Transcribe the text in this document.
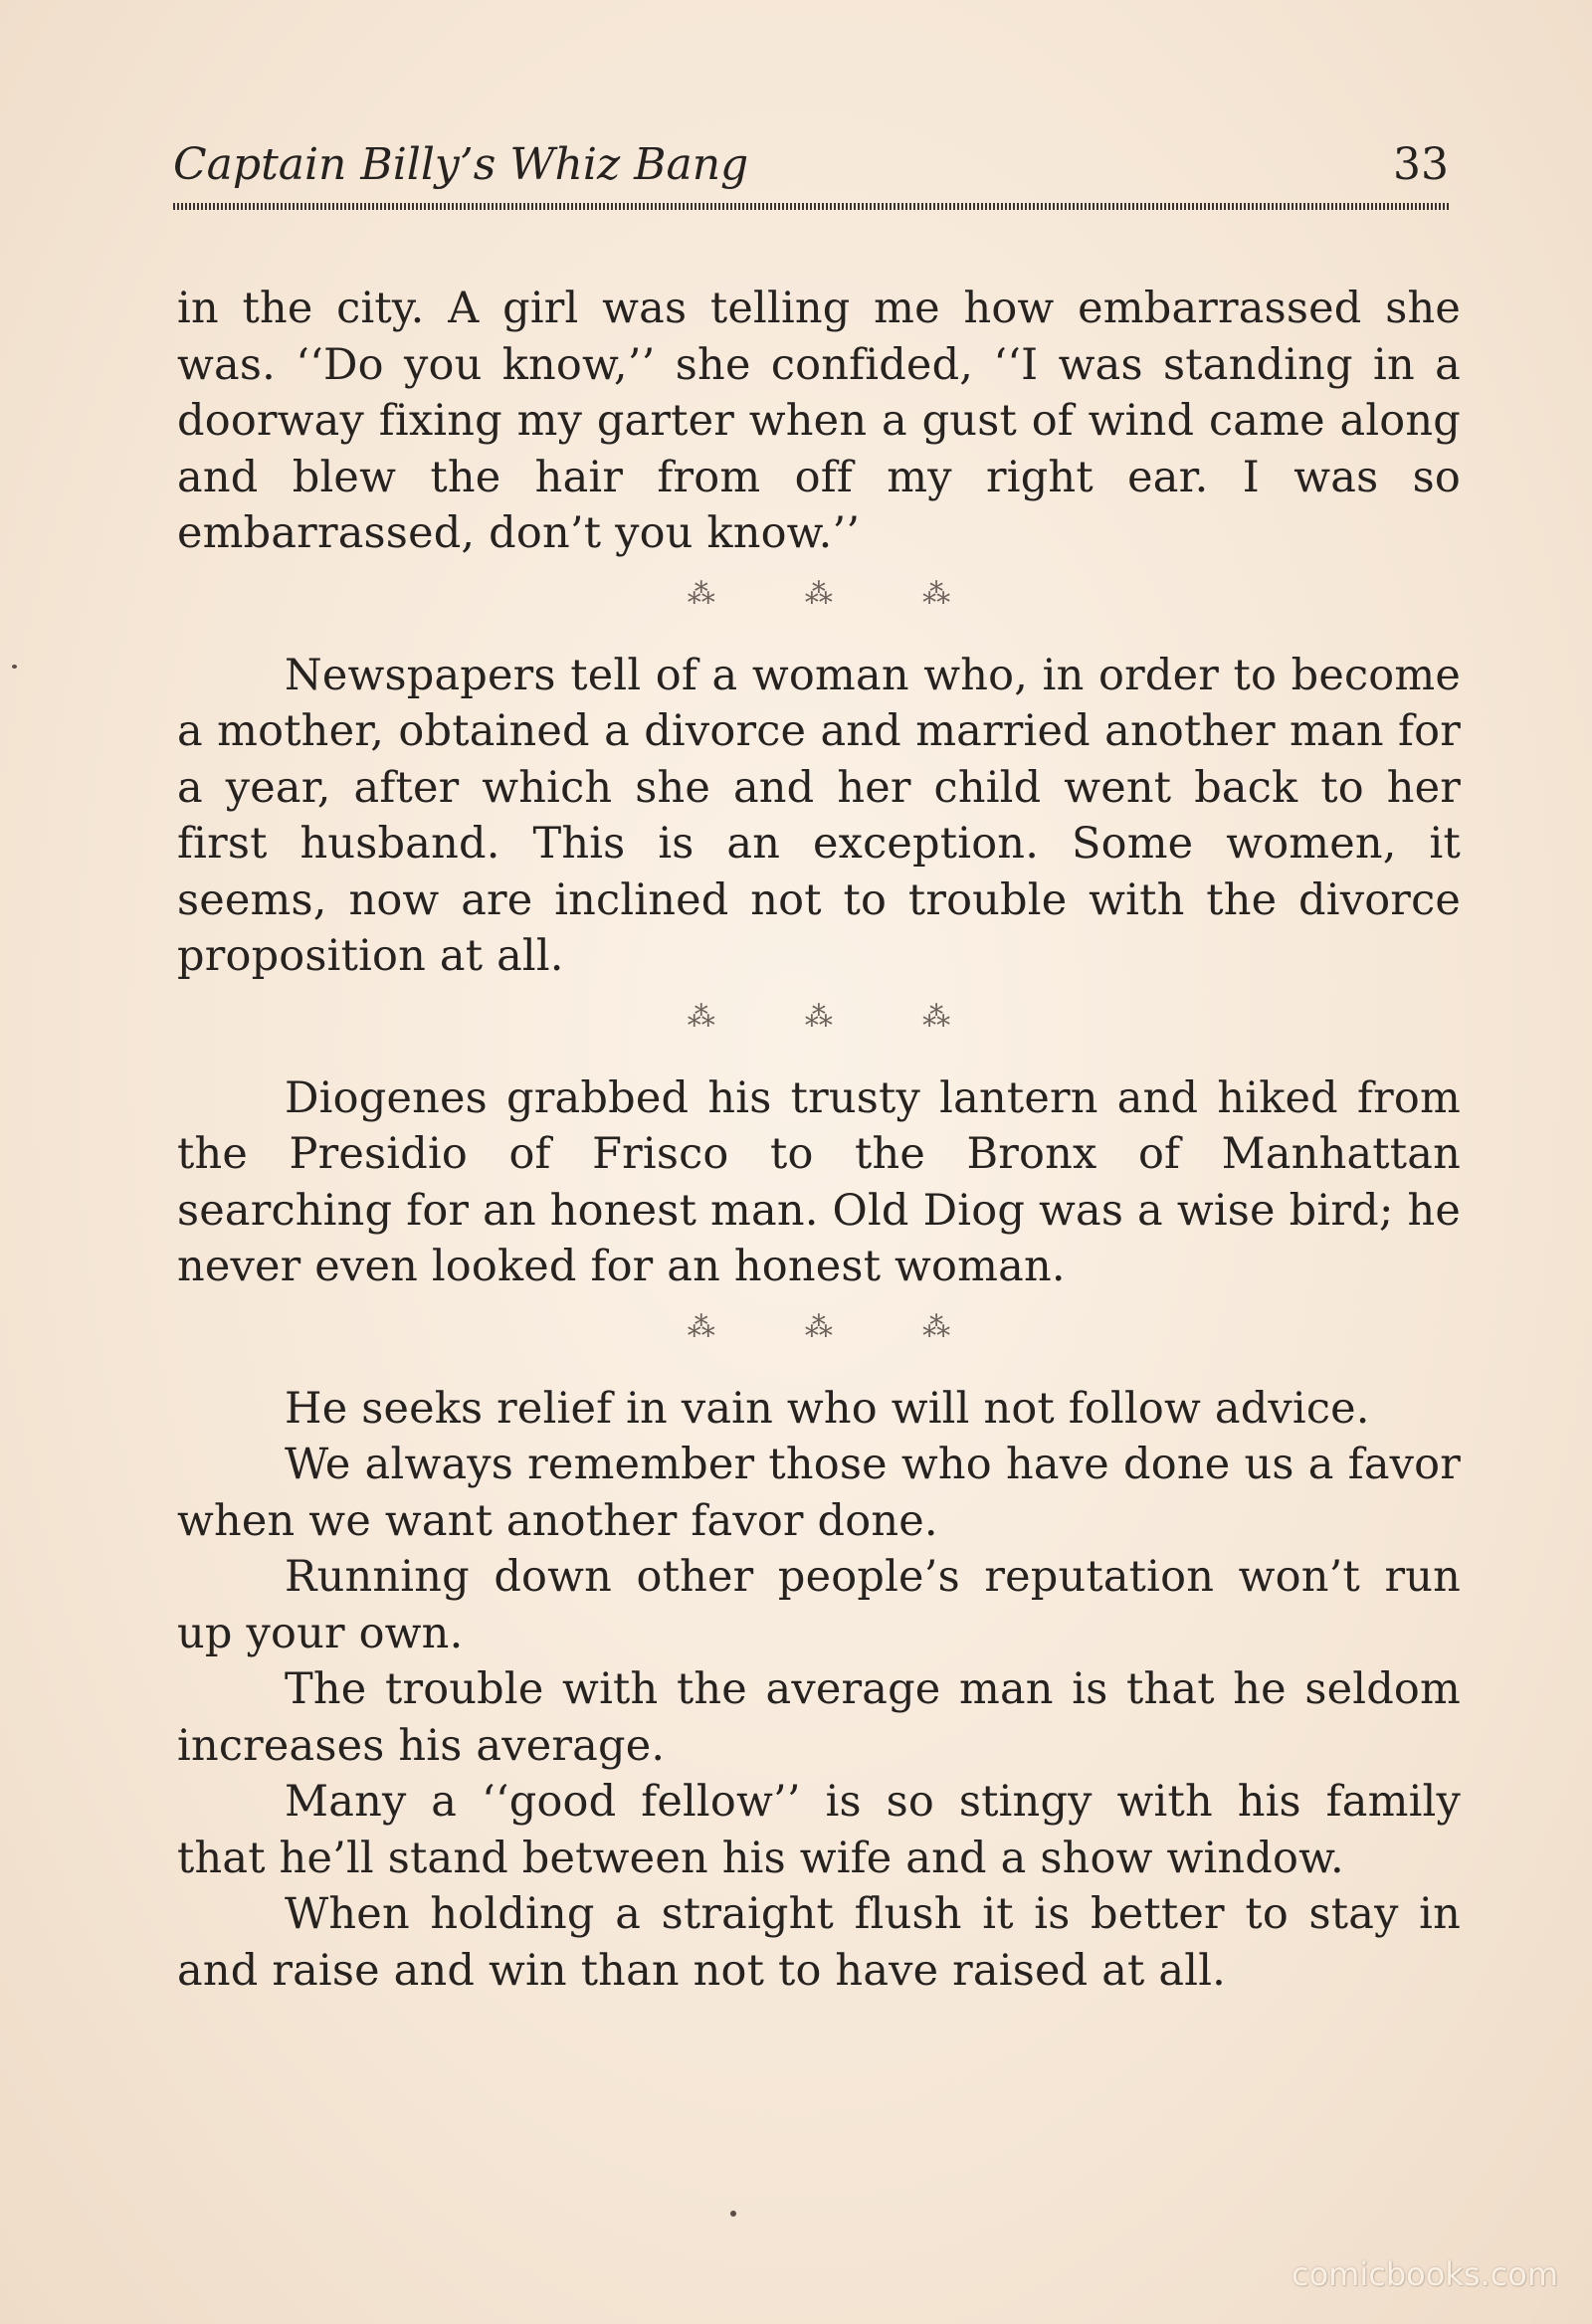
Captain Billy’s Whiz Bang	33

in the city. A girl was telling me how embarrassed she was. ‘‘Do you know,’’ she confided, ‘‘I was standing in a doorway fixing my garter when a gust of wind came along and blew the hair from off my right ear. I was so embarrassed, don’t you know.’’

⁂	⁂	⁂

Newspapers tell of a woman who, in order to become a mother, obtained a divorce and married another man for a year, after which she and her child went back to her first husband. This is an exception. Some women, it seems, now are inclined not to trouble with the divorce proposition at all.

⁂	⁂	⁂

Diogenes grabbed his trusty lantern and hiked from the Presidio of Frisco to the Bronx of Manhattan searching for an honest man. Old Diog was a wise bird; he never even looked for an honest woman.

⁂	⁂	⁂

He seeks relief in vain who will not follow advice.

We always remember those who have done us a favor when we want another favor done.

Running down other people’s reputation won’t run up your own.

The trouble with the average man is that he seldom increases his average.

Many a ‘‘good fellow’’ is so stingy with his family that he’ll stand between his wife and a show window.

When holding a straight flush it is better to stay in and raise and win than not to have raised at all.

comicbooks.com
